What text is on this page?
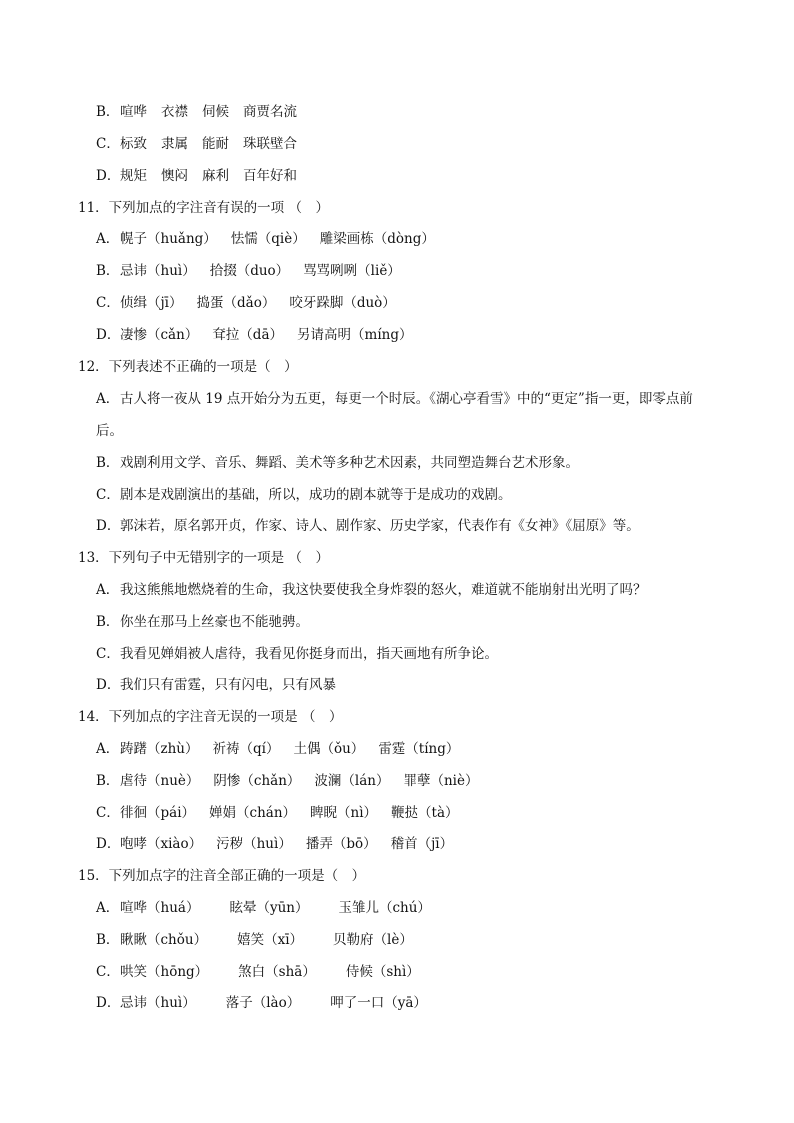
B．喧哗 衣襟 伺候 商贾名流
C．标致 隶属 能耐 珠联壁合
D．规矩 懊闷 麻利 百年好和
11．下列加点的字注音有误的一项 （　）
A．幌子（huǎng） 怯懦（qiè） 雕梁画栋（dòng）
B．忌讳（huì） 拾掇（duo） 骂骂咧咧（liě）
C．侦缉（jī） 捣蛋（dǎo） 咬牙跺脚（duò）
D．凄惨（cǎn） 耷拉（dā） 另请高明（míng）
12．下列表述不正确的一项是（　）
A．古人将一夜从 19 点开始分为五更，每更一个时辰。《湖心亭看雪》中的“更定”指一更，即零点前
后。
B．戏剧利用文学、音乐、舞蹈、美术等多种艺术因素，共同塑造舞台艺术形象。
C．剧本是戏剧演出的基础，所以，成功的剧本就等于是成功的戏剧。
D．郭沫若，原名郭开贞，作家、诗人、剧作家、历史学家，代表作有《女神》《屈原》等。
13．下列句子中无错别字的一项是 （　）
A．我这熊熊地燃烧着的生命，我这快要使我全身炸裂的怒火，难道就不能崩射出光明了吗？
B．你坐在那马上丝豪也不能驰骋。
C．我看见婵娟被人虐待，我看见你挺身而出，指天画地有所争论。
D．我们只有雷霆，只有闪电，只有风暴
14．下列加点的字注音无误的一项是 （　）
A．踌躇（zhù） 祈祷（qí） 土偶（ǒu） 雷霆（tíng）
B．虐待（nuè） 阴惨（chǎn） 波澜（lán） 罪孽（niè）
C．徘徊（pái） 婵娟（chán） 睥睨（nì） 鞭挞（tà）
D．咆哮（xiào） 污秽（huì） 播弄（bō） 稽首（jī）
15．下列加点字的注音全部正确的一项是（　）
A．喧哗（huá） 眩晕（yūn） 玉雏儿（chú）
B．瞅瞅（chǒu） 嬉笑（xī） 贝勒府（lè）
C．哄笑（hōng） 煞白（shā） 侍候（shì）
D．忌讳（huì） 落子（lào） 呷了一口（yā）
